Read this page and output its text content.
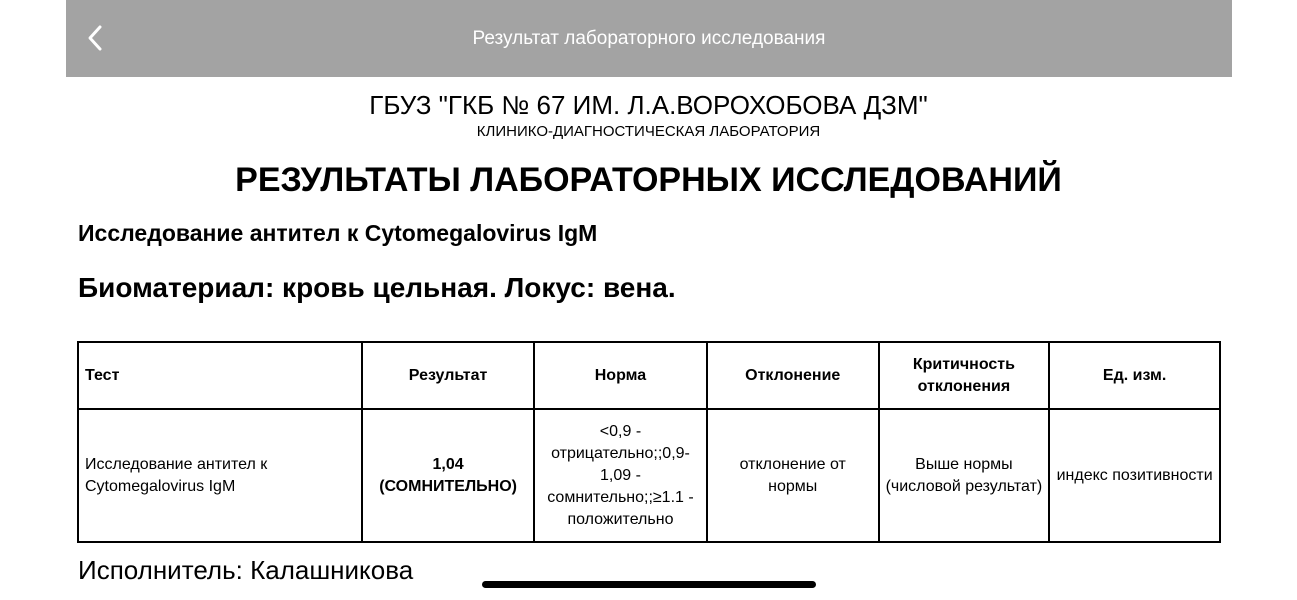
Результат лабораторного исследования
ГБУЗ "ГКБ № 67 ИМ. Л.А.ВОРОХОБОВА ДЗМ"
КЛИНИКО-ДИАГНОСТИЧЕСКАЯ ЛАБОРАТОРИЯ
РЕЗУЛЬТАТЫ ЛАБОРАТОРНЫХ ИССЛЕДОВАНИЙ
Исследование антител к Cytomegalovirus IgM
Биоматериал: кровь цельная. Локус: вена.
Тест	Результат	Норма	Отклонение	Критичность отклонения	Ед. изм.
Исследование антител к Cytomegalovirus IgM	1,04 (СОМНИТЕЛЬНО)	<0,9 - отрицательно;;0,9-1,09 - сомнительно;;≥1.1 - положительно	отклонение от нормы	Выше нормы (числовой результат)	индекс позитивности
Исполнитель: Калашникова
